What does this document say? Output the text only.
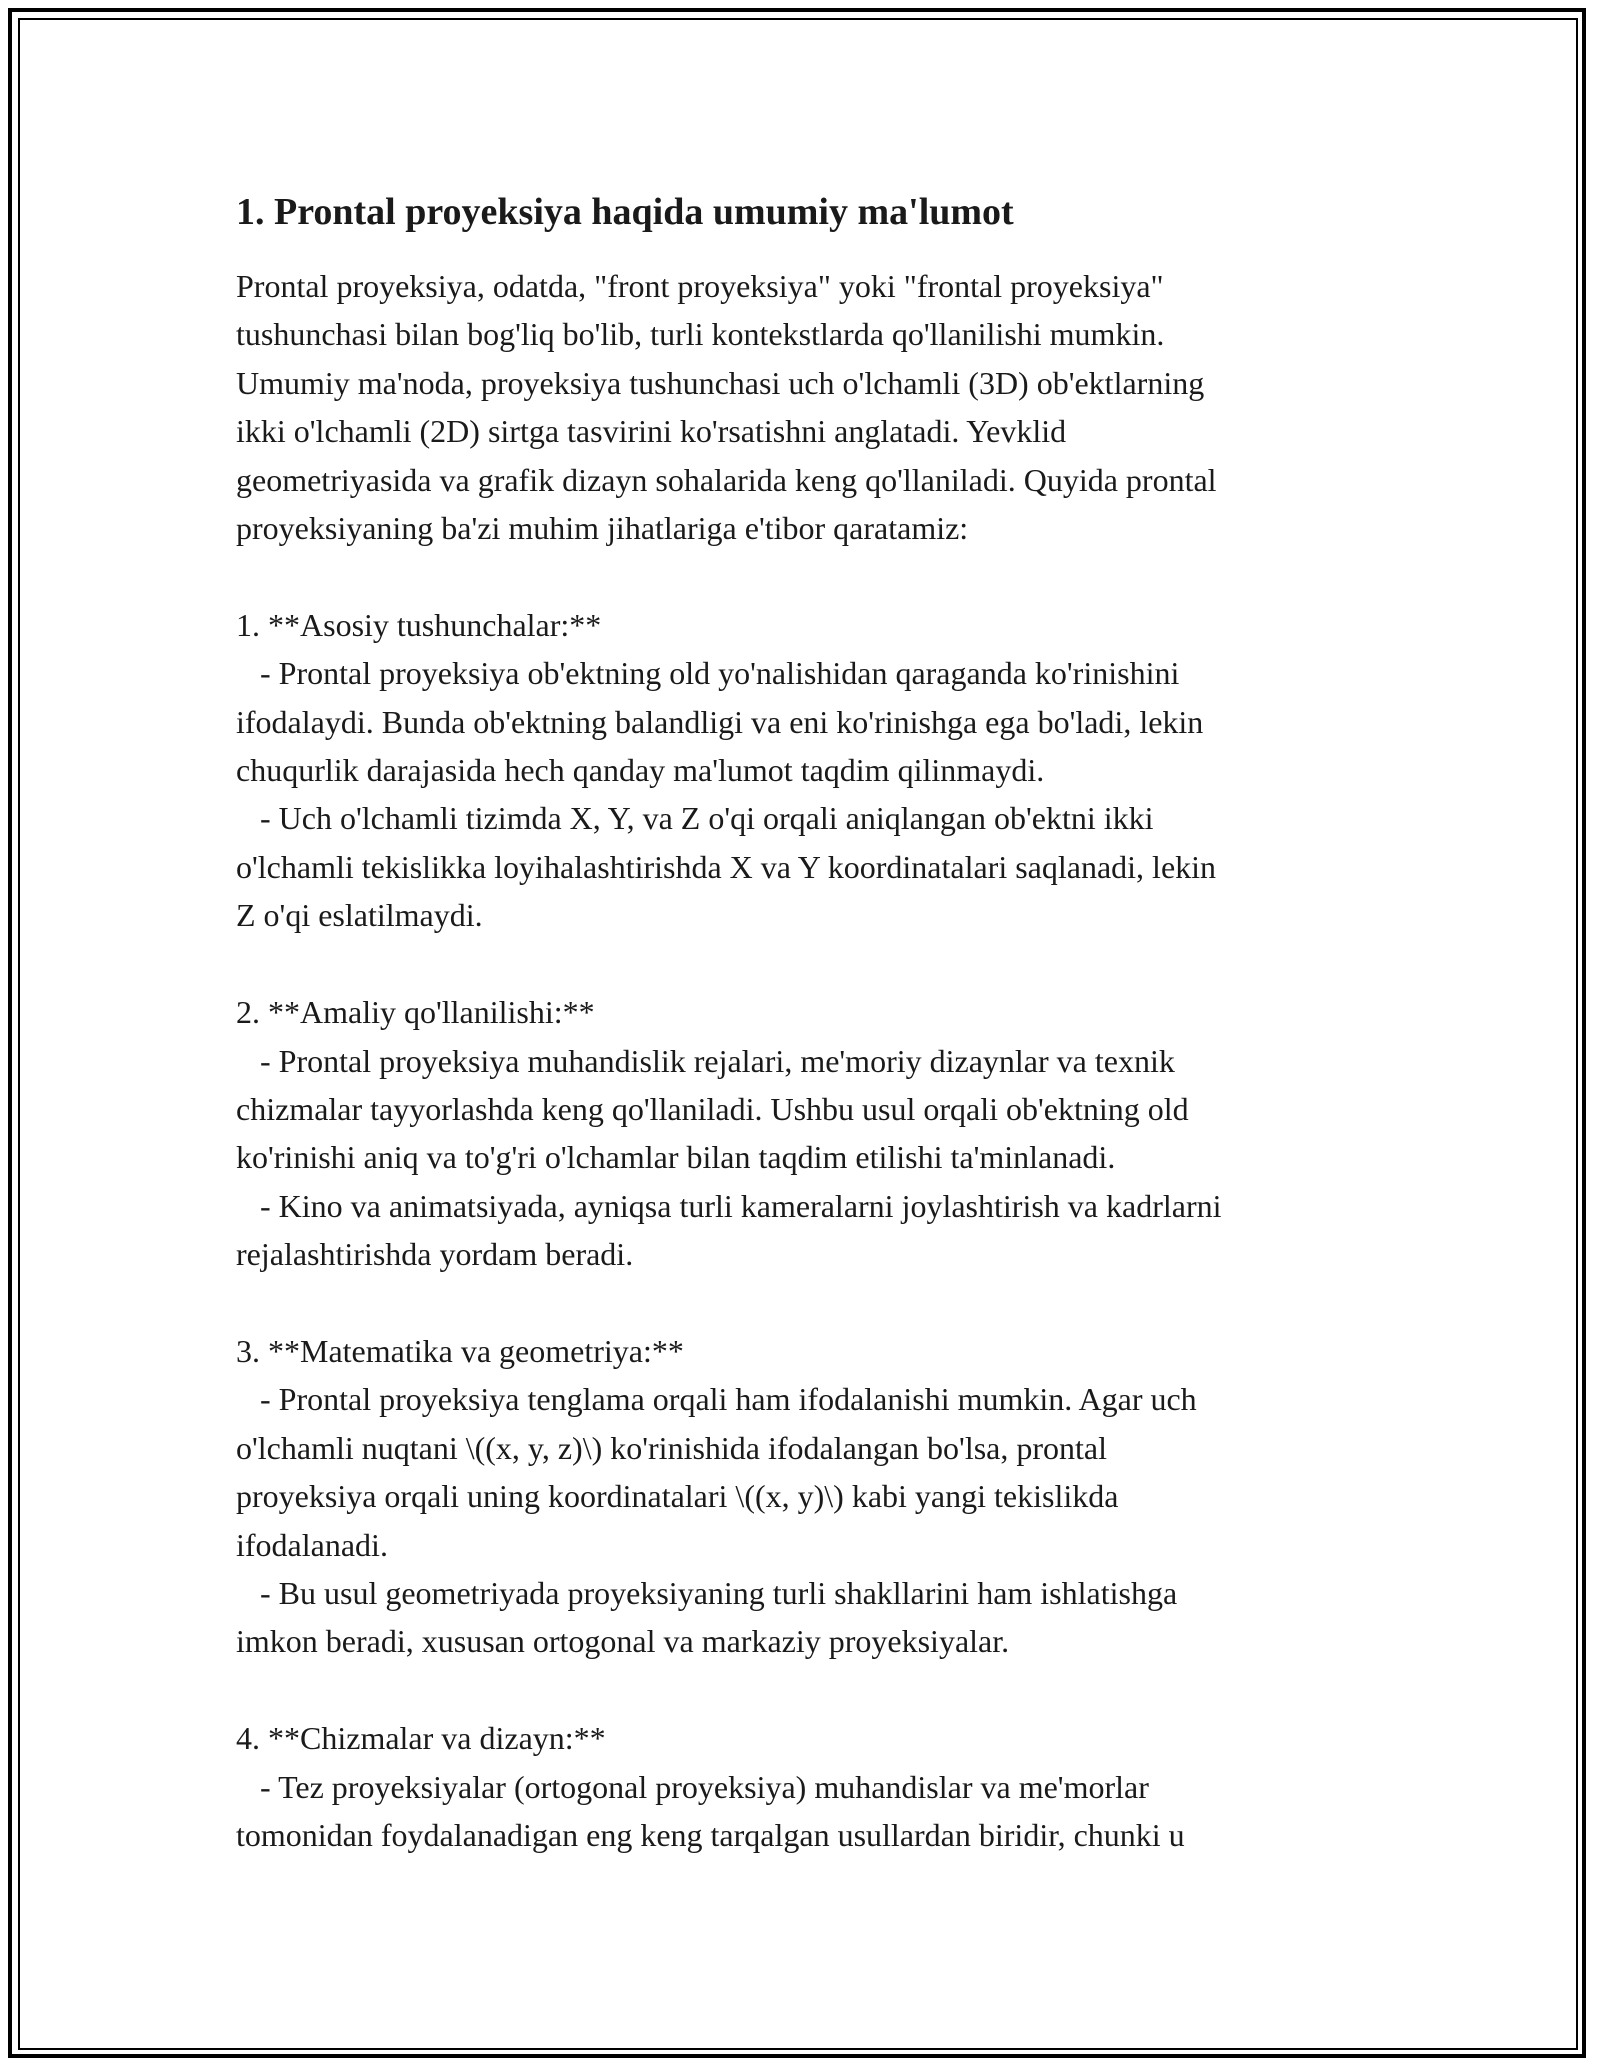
1. Prontal proyeksiya haqida umumiy ma'lumot

Prontal proyeksiya, odatda, "front proyeksiya" yoki "frontal proyeksiya"
tushunchasi bilan bog'liq bo'lib, turli kontekstlarda qo'llanilishi mumkin.
Umumiy ma'noda, proyeksiya tushunchasi uch o'lchamli (3D) ob'ektlarning
ikki o'lchamli (2D) sirtga tasvirini ko'rsatishni anglatadi. Yevklid
geometriyasida va grafik dizayn sohalarida keng qo'llaniladi. Quyida prontal
proyeksiyaning ba'zi muhim jihatlariga e'tibor qaratamiz:

1. **Asosiy tushunchalar:**
- Prontal proyeksiya ob'ektning old yo'nalishidan qaraganda ko'rinishini
ifodalaydi. Bunda ob'ektning balandligi va eni ko'rinishga ega bo'ladi, lekin
chuqurlik darajasida hech qanday ma'lumot taqdim qilinmaydi.
- Uch o'lchamli tizimda X, Y, va Z o'qi orqali aniqlangan ob'ektni ikki
o'lchamli tekislikka loyihalashtirishda X va Y koordinatalari saqlanadi, lekin
Z o'qi eslatilmaydi.

2. **Amaliy qo'llanilishi:**
- Prontal proyeksiya muhandislik rejalari, me'moriy dizaynlar va texnik
chizmalar tayyorlashda keng qo'llaniladi. Ushbu usul orqali ob'ektning old
ko'rinishi aniq va to'g'ri o'lchamlar bilan taqdim etilishi ta'minlanadi.
- Kino va animatsiyada, ayniqsa turli kameralarni joylashtirish va kadrlarni
rejalashtirishda yordam beradi.

3. **Matematika va geometriya:**
- Prontal proyeksiya tenglama orqali ham ifodalanishi mumkin. Agar uch
o'lchamli nuqtani \((x, y, z)\) ko'rinishida ifodalangan bo'lsa, prontal
proyeksiya orqali uning koordinatalari \((x, y)\) kabi yangi tekislikda
ifodalanadi.
- Bu usul geometriyada proyeksiyaning turli shakllarini ham ishlatishga
imkon beradi, xususan ortogonal va markaziy proyeksiyalar.

4. **Chizmalar va dizayn:**
- Tez proyeksiyalar (ortogonal proyeksiya) muhandislar va me'morlar
tomonidan foydalanadigan eng keng tarqalgan usullardan biridir, chunki u
